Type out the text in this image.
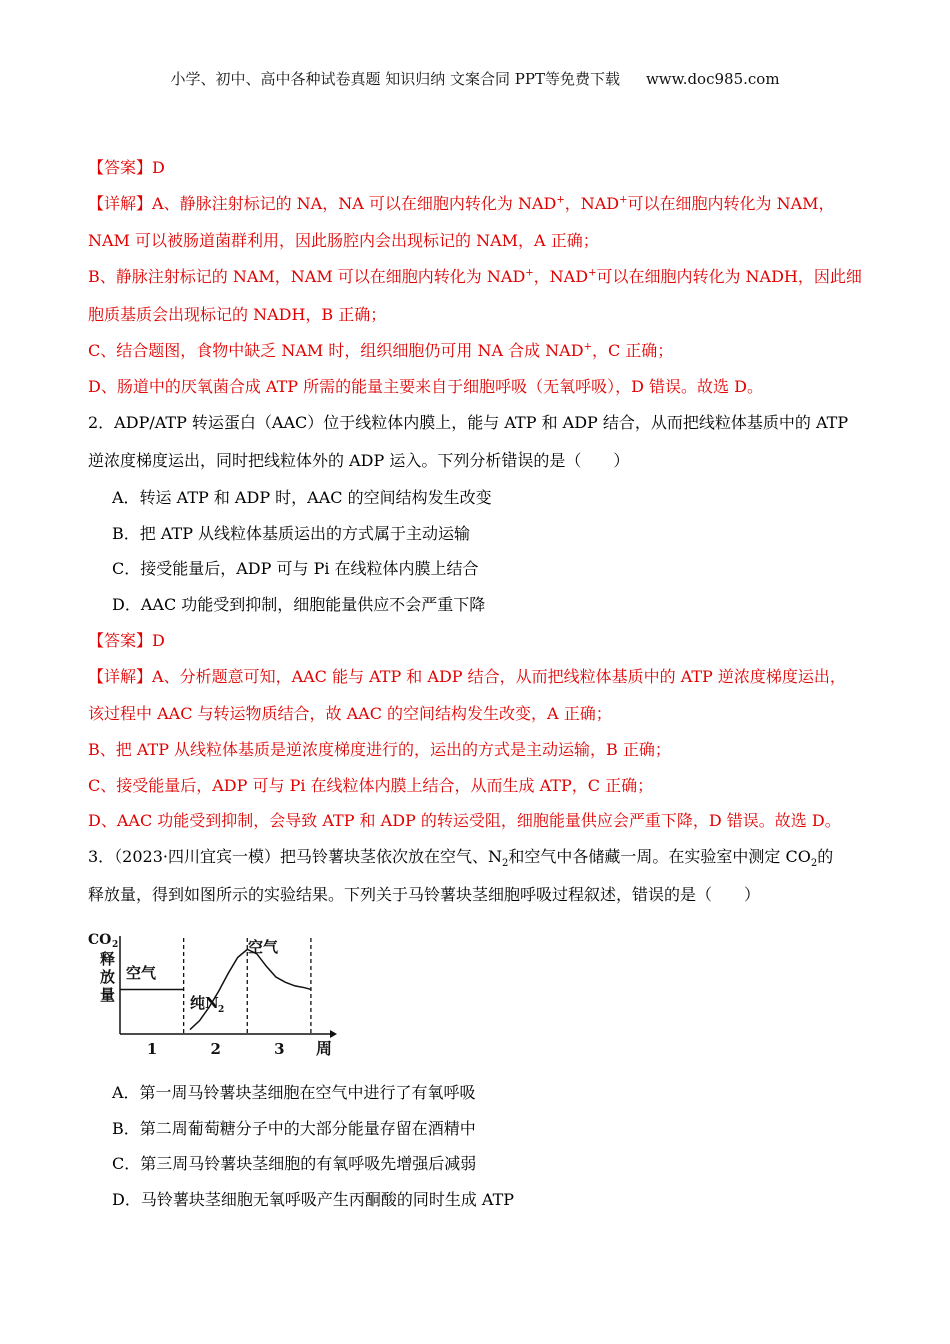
小学、初中、高中各种试卷真题 知识归纳 文案合同 PPT等免费下载 www.doc985.com
【答案】D
【详解】A、静脉注射标记的 NA，NA 可以在细胞内转化为 NAD+，NAD+可以在细胞内转化为 NAM，
NAM 可以被肠道菌群利用，因此肠腔内会出现标记的 NAM，A 正确；
B、静脉注射标记的 NAM，NAM 可以在细胞内转化为 NAD+，NAD+可以在细胞内转化为 NADH，因此细
胞质基质会出现标记的 NADH，B 正确；
C、结合题图，食物中缺乏 NAM 时，组织细胞仍可用 NA 合成 NAD+，C 正确；
D、肠道中的厌氧菌合成 ATP 所需的能量主要来自于细胞呼吸（无氧呼吸），D 错误。故选 D。
2．ADP/ATP 转运蛋白（AAC）位于线粒体内膜上，能与 ATP 和 ADP 结合，从而把线粒体基质中的 ATP
逆浓度梯度运出，同时把线粒体外的 ADP 运入。下列分析错误 . .的是（　　）
A．转运 ATP 和 ADP 时，AAC 的空间结构发生改变
B．把 ATP 从线粒体基质运出的方式属于主动运输
C．接受能量后，ADP 可与 Pi 在线粒体内膜上结合
D．AAC 功能受到抑制，细胞能量供应不会严重下降
【答案】D
【详解】A、分析题意可知，AAC 能与 ATP 和 ADP 结合，从而把线粒体基质中的 ATP 逆浓度梯度运出，
该过程中 AAC 与转运物质结合，故 AAC 的空间结构发生改变，A 正确；
B、把 ATP 从线粒体基质是逆浓度梯度进行的，运出的方式是主动运输，B 正确；
C、接受能量后，ADP 可与 Pi 在线粒体内膜上结合，从而生成 ATP，C 正确；
D、AAC 功能受到抑制，会导致 ATP 和 ADP 的转运受阻，细胞能量供应会严重下降，D 错误。故选 D。
3．（2023·四川宜宾一模）把马铃薯块茎依次放在空气、$N_2$和空气中各储藏一周。在实验室中测定 $CO_2$的
释放量，得到如图所示的实验结果。下列关于马铃薯块茎细胞呼吸过程叙述，错误的是（　　）
CO 2
释
放
量
周
空气
纯N 2
空气
1	2	3
A．第一周马铃薯块茎细胞在空气中进行了有氧呼吸
B．第二周葡萄糖分子中的大部分能量存留在酒精中
C．第三周马铃薯块茎细胞的有氧呼吸先增强后减弱
D．马铃薯块茎细胞无氧呼吸产生丙酮酸的同时生成 ATP
